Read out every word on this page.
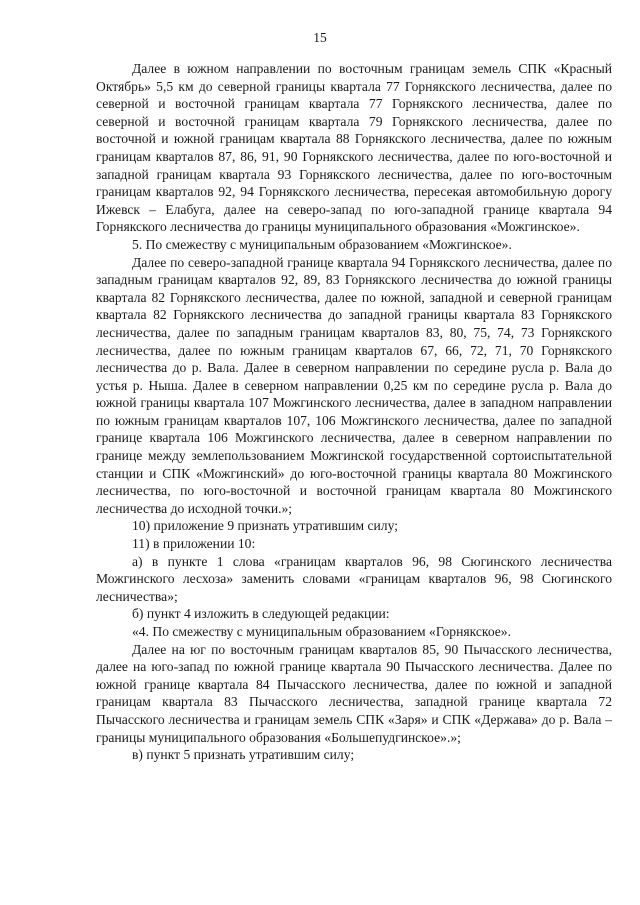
15

Далее в южном направлении по восточным границам земель СПК «Красный Октябрь» 5,5 км до северной границы квартала 77 Горнякского лесничества, далее по северной и восточной границам квартала 77 Горнякского лесничества, далее по северной и восточной границам квартала 79 Горнякского лесничества, далее по восточной и южной границам квартала 88 Горнякского лесничества, далее по южным границам кварталов 87, 86, 91, 90 Горнякского лесничества, далее по юго-восточной и западной границам квартала 93 Горнякского лесничества, далее по юго-восточным границам кварталов 92, 94 Горнякского лесничества, пересекая автомобильную дорогу Ижевск – Елабуга, далее на северо-запад по юго-западной границе квартала 94 Горнякского лесничества до границы муниципального образования «Можгинское».

5. По смежеству с муниципальным образованием «Можгинское».

Далее по северо-западной границе квартала 94 Горнякского лесничества, далее по западным границам кварталов 92, 89, 83 Горнякского лесничества до южной границы квартала 82 Горнякского лесничества, далее по южной, западной и северной границам квартала 82 Горнякского лесничества до западной границы квартала 83 Горнякского лесничества, далее по западным границам кварталов 83, 80, 75, 74, 73 Горнякского лесничества, далее по южным границам кварталов 67, 66, 72, 71, 70 Горнякского лесничества до р. Вала. Далее в северном направлении по середине русла р. Вала до устья р. Ныша. Далее в северном направлении 0,25 км по середине русла р. Вала до южной границы квартала 107 Можгинского лесничества, далее в западном направлении по южным границам кварталов 107, 106 Можгинского лесничества, далее по западной границе квартала 106 Можгинского лесничества, далее в северном направлении по границе между землепользованием Можгинской государственной сортоиспытательной станции и СПК «Можгинский» до юго-восточной границы квартала 80 Можгинского лесничества, по юго-восточной и восточной границам квартала 80 Можгинского лесничества до исходной точки.»;

10) приложение 9 признать утратившим силу;

11) в приложении 10:

а) в пункте 1 слова «границам кварталов 96, 98 Сюгинского лесничества Можгинского лесхоза» заменить словами «границам кварталов 96, 98 Сюгинского лесничества»;

б) пункт 4 изложить в следующей редакции:

«4. По смежеству с муниципальным образованием «Горнякское».

Далее на юг по восточным границам кварталов 85, 90 Пычасского лесничества, далее на юго-запад по южной границе квартала 90 Пычасского лесничества. Далее по южной границе квартала 84 Пычасского лесничества, далее по южной и западной границам квартала 83 Пычасского лесничества, западной границе квартала 72 Пычасского лесничества и границам земель СПК «Заря» и СПК «Держава» до р. Вала – границы муниципального образования «Большепудгинское».»;

в) пункт 5 признать утратившим силу;
